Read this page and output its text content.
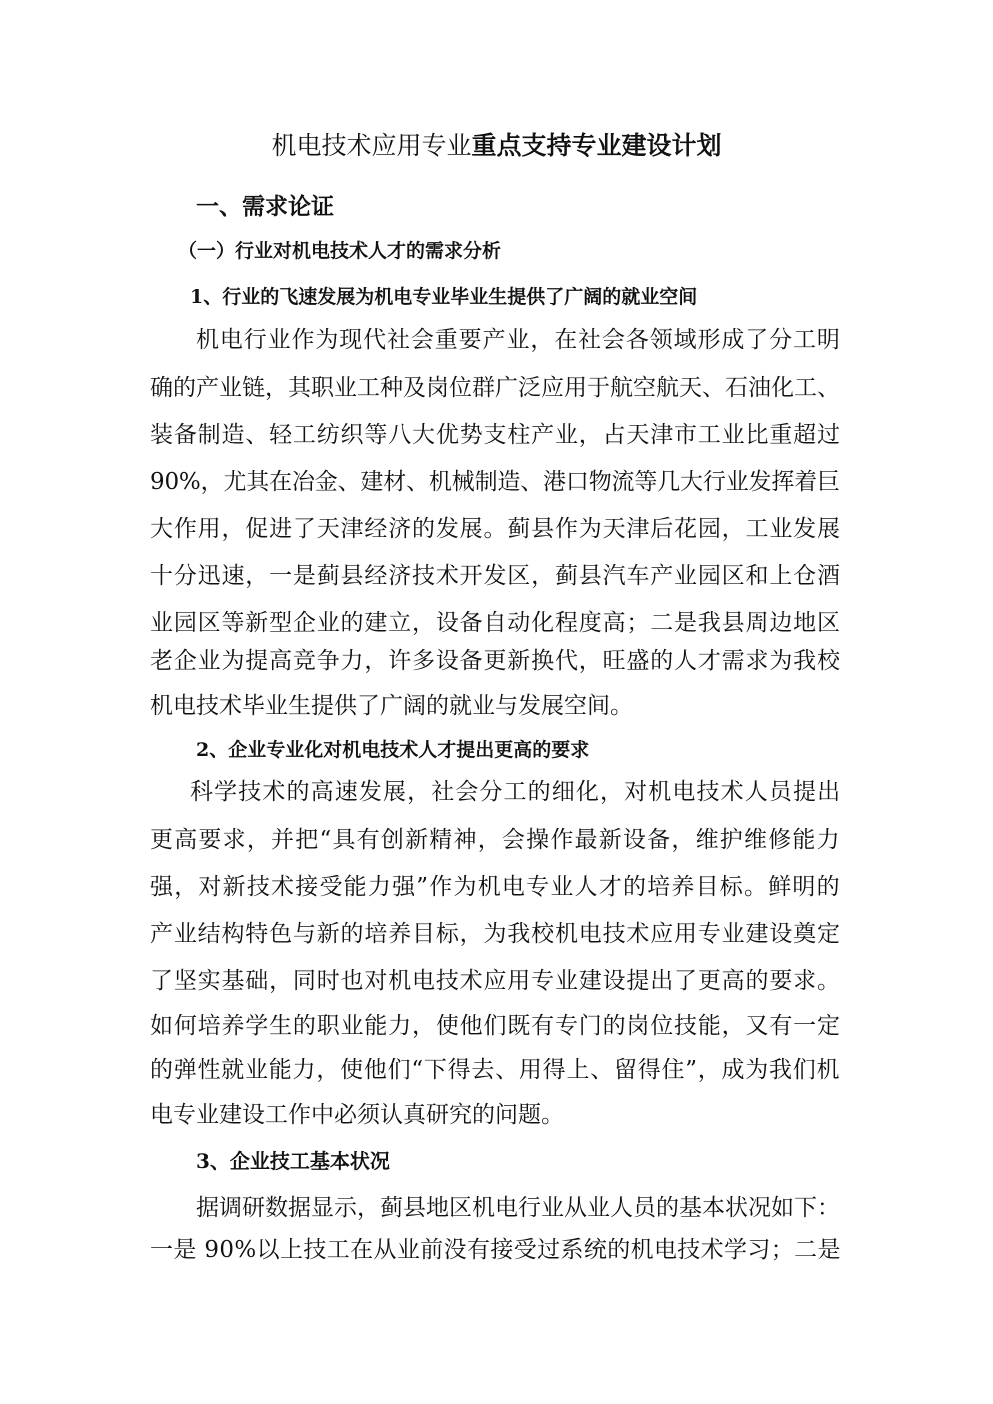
机电技术应用专业重点支持专业建设计划
一、需求论证
（一）行业对机电技术人才的需求分析
1、行业的飞速发展为机电专业毕业生提供了广阔的就业空间
机电行业作为现代社会重要产业，在社会各领域形成了分工明
确的产业链，其职业工种及岗位群广泛应用于航空航天、石油化工、
装备制造、轻工纺织等八大优势支柱产业，占天津市工业比重超过
90%，尤其在冶金、建材、机械制造、港口物流等几大行业发挥着巨
大作用，促进了天津经济的发展。蓟县作为天津后花园，工业发展
十分迅速，一是蓟县经济技术开发区，蓟县汽车产业园区和上仓酒
业园区等新型企业的建立，设备自动化程度高；二是我县周边地区
老企业为提高竞争力，许多设备更新换代，旺盛的人才需求为我校
机电技术毕业生提供了广阔的就业与发展空间。
2、企业专业化对机电技术人才提出更高的要求
科学技术的高速发展，社会分工的细化，对机电技术人员提出
更高要求，并把“具有创新精神，会操作最新设备，维护维修能力
强，对新技术接受能力强”作为机电专业人才的培养目标。鲜明的
产业结构特色与新的培养目标，为我校机电技术应用专业建设奠定
了坚实基础，同时也对机电技术应用专业建设提出了更高的要求。
如何培养学生的职业能力，使他们既有专门的岗位技能，又有一定
的弹性就业能力，使他们“下得去、用得上、留得住”，成为我们机
电专业建设工作中必须认真研究的问题。
3、企业技工基本状况
据调研数据显示，蓟县地区机电行业从业人员的基本状况如下：
一是 90%以上技工在从业前没有接受过系统的机电技术学习；二是
